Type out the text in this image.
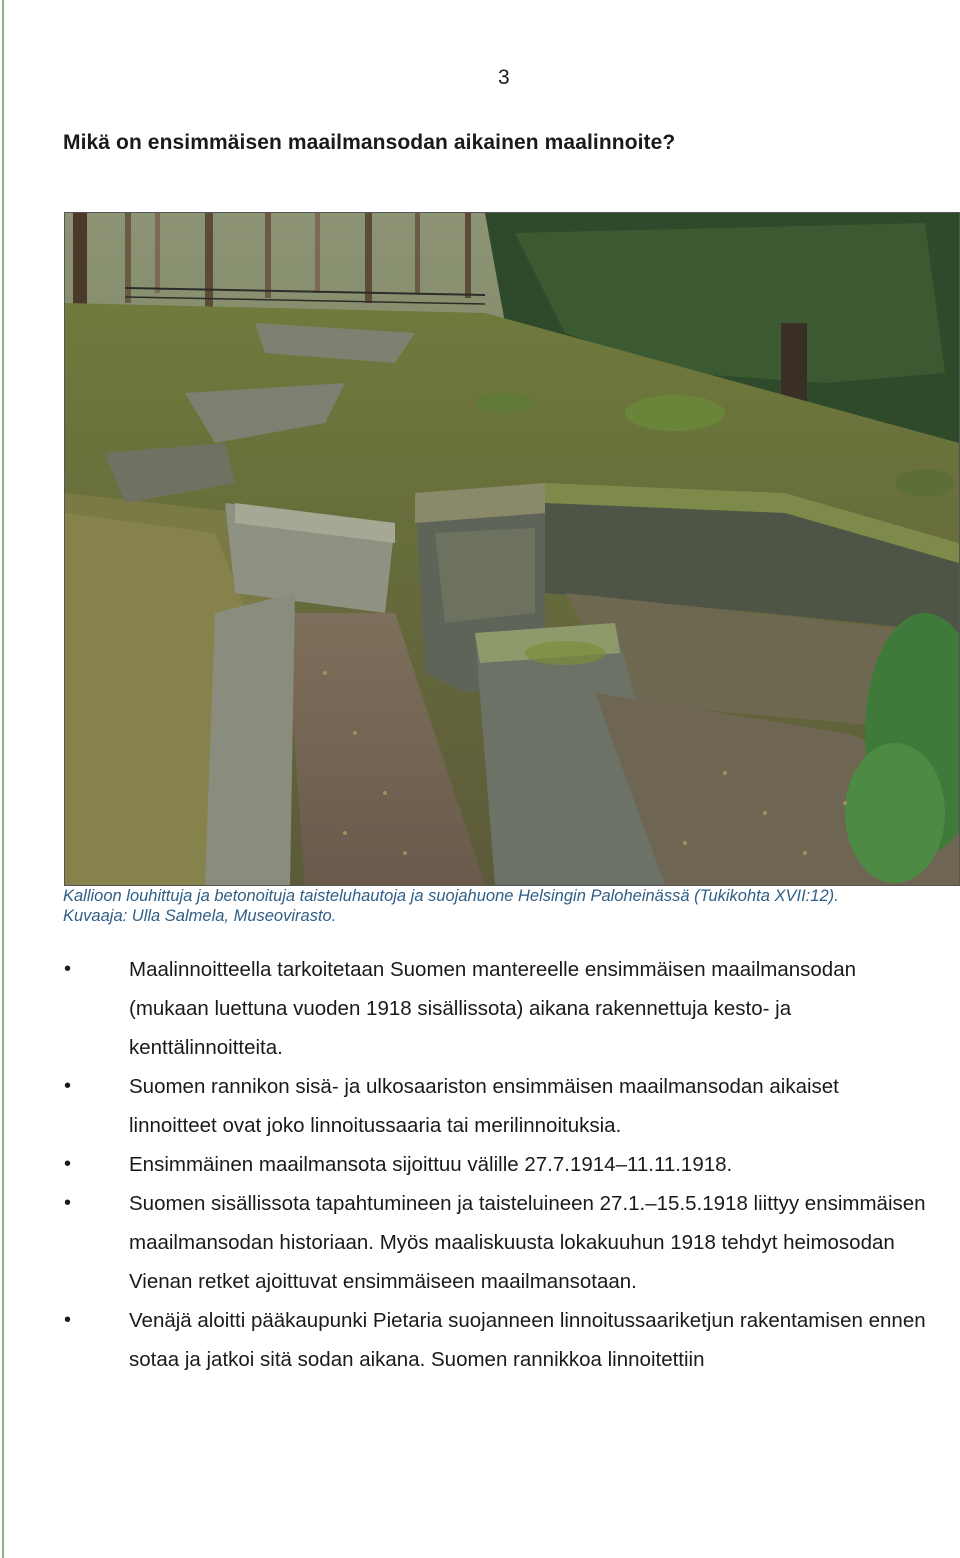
3
Mikä on ensimmäisen maailmansodan aikainen maalinnoite?
Kallioon louhittuja ja betonoituja taisteluhautoja ja suojahuone Helsingin Paloheinässä (Tukikohta XVII:12).
Kuvaaja: Ulla Salmela, Museovirasto.
•	Maalinnoitteella tarkoitetaan Suomen mantereelle ensimmäisen maailmansodan (mukaan luettuna vuoden 1918 sisällissota) aikana rakennettuja kesto- ja kenttälinnoitteita.
•	Suomen rannikon sisä- ja ulkosaariston ensimmäisen maailmansodan aikaiset linnoitteet ovat joko linnoitussaaria tai merilinnoituksia.
•	Ensimmäinen maailmansota sijoittuu välille 27.7.1914–11.11.1918.
•	Suomen sisällissota tapahtumineen ja taisteluineen 27.1.–15.5.1918 liittyy ensimmäisen maailmansodan historiaan. Myös maaliskuusta lokakuuhun 1918 tehdyt heimosodan Vienan retket ajoittuvat ensimmäiseen maailmansotaan.
•	Venäjä aloitti pääkaupunki Pietaria suojanneen linnoitussaariketjun rakentamisen ennen sotaa ja jatkoi sitä sodan aikana. Suomen rannikkoa linnoitettiin
